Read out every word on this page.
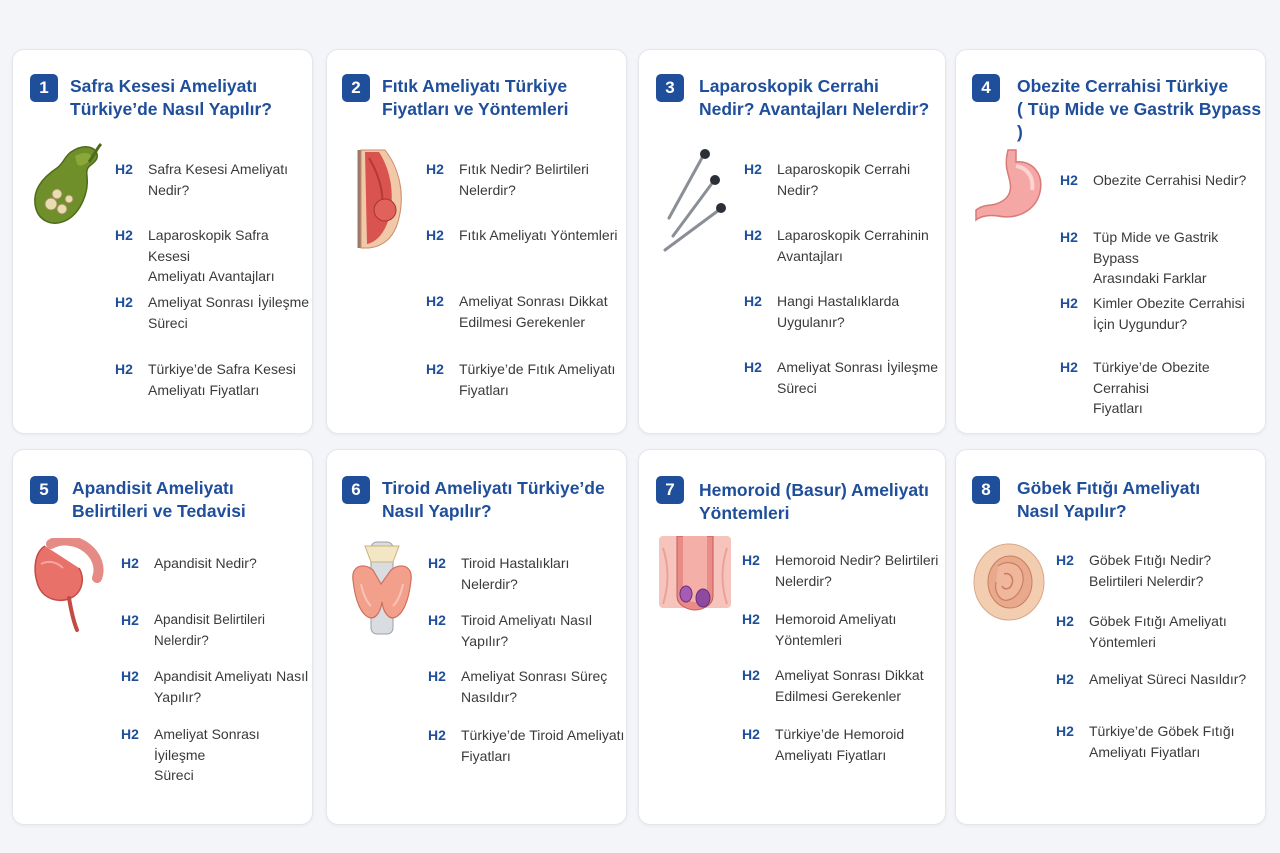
1	Safra Kesesi Ameliyatı
Türkiye’de Nasıl Yapılır?
H2	Safra Kesesi Ameliyatı
Nedir?
H2	Laparoskopik Safra Kesesi
Ameliyatı Avantajları
H2	Ameliyat Sonrası İyileşme
Süreci
H2	Türkiye’de Safra Kesesi
Ameliyatı Fiyatları
2	Fıtık Ameliyatı Türkiye
Fiyatları ve Yöntemleri
H2	Fıtık Nedir? Belirtileri
Nelerdir?
H2	Fıtık Ameliyatı Yöntemleri
H2	Ameliyat Sonrası Dikkat
Edilmesi Gerekenler
H2	Türkiye’de Fıtık Ameliyatı
Fiyatları
3	Laparoskopik Cerrahi
Nedir? Avantajları Nelerdir?
H2	Laparoskopik Cerrahi
Nedir?
H2	Laparoskopik Cerrahinin
Avantajları
H2	Hangi Hastalıklarda
Uygulanır?
H2	Ameliyat Sonrası İyileşme
Süreci
4	Obezite Cerrahisi Türkiye
( Tüp Mide ve Gastrik Bypass )
H2	Obezite Cerrahisi Nedir?
H2	Tüp Mide ve Gastrik Bypass
Arasındaki Farklar
H2	Kimler Obezite Cerrahisi
İçin Uygundur?
H2	Türkiye’de Obezite Cerrahisi
Fiyatları
5	Apandisit Ameliyatı
Belirtileri ve Tedavisi
H2	Apandisit Nedir?
H2	Apandisit Belirtileri Nelerdir?
H2	Apandisit Ameliyatı Nasıl
Yapılır?
H2	Ameliyat Sonrası İyileşme
Süreci
6	Tiroid Ameliyatı Türkiye’de
Nasıl Yapılır?
H2	Tiroid Hastalıkları
Nelerdir?
H2	Tiroid Ameliyatı Nasıl
Yapılır?
H2	Ameliyat Sonrası Süreç
Nasıldır?
H2	Türkiye’de Tiroid Ameliyatı
Fiyatları
7	Hemoroid (Basur) Ameliyatı
Yöntemleri
H2	Hemoroid Nedir? Belirtileri
Nelerdir?
H2	Hemoroid Ameliyatı
Yöntemleri
H2	Ameliyat Sonrası Dikkat
Edilmesi Gerekenler
H2	Türkiye’de Hemoroid
Ameliyatı Fiyatları
8	Göbek Fıtığı Ameliyatı
Nasıl Yapılır?
H2	Göbek Fıtığı Nedir?
Belirtileri Nelerdir?
H2	Göbek Fıtığı Ameliyatı
Yöntemleri
H2	Ameliyat Süreci Nasıldır?
H2	Türkiye’de Göbek Fıtığı
Ameliyatı Fiyatları
